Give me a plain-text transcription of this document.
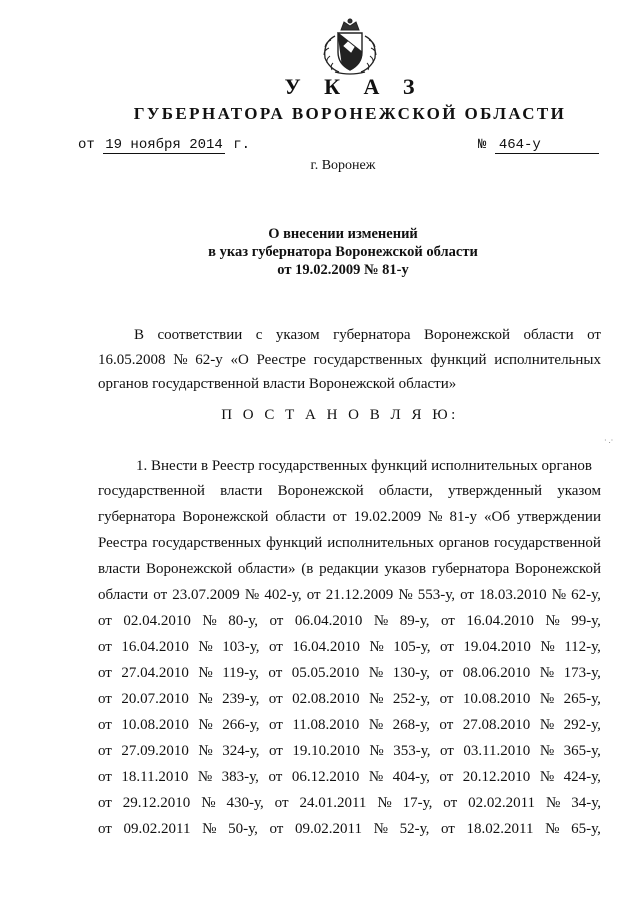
У К А З
ГУБЕРНАТОРА ВОРОНЕЖСКОЙ ОБЛАСТИ
от 19 ноября 2014 г.	№ 464-у
г. Воронеж
О внесении изменений
в указ губернатора Воронежской области
от 19.02.2009 № 81-у
В соответствии с указом губернатора Воронежской области от
16.05.2008 № 62-у «О Реестре государственных функций исполнительных
органов государственной власти Воронежской области»
П О С Т А Н О В Л Я Ю:
· .·
1. Внести в Реестр государственных функций исполнительных органов
государственной власти Воронежской области, утвержденный указом
губернатора Воронежской области от 19.02.2009 № 81-у «Об утверждении
Реестра государственных функций исполнительных органов государственной
власти Воронежской области» (в редакции указов губернатора Воронежской
области от 23.07.2009 № 402-у, от 21.12.2009 № 553-у, от 18.03.2010 № 62-у,
от 02.04.2010 № 80-у, от 06.04.2010 № 89-у, от 16.04.2010 № 99-у,
от 16.04.2010 № 103-у, от 16.04.2010 № 105-у, от 19.04.2010 № 112-у,
от 27.04.2010 № 119-у, от 05.05.2010 № 130-у, от 08.06.2010 № 173-у,
от 20.07.2010 № 239-у, от 02.08.2010 № 252-у, от 10.08.2010 № 265-у,
от 10.08.2010 № 266-у, от 11.08.2010 № 268-у, от 27.08.2010 № 292-у,
от 27.09.2010 № 324-у, от 19.10.2010 № 353-у, от 03.11.2010 № 365-у,
от 18.11.2010 № 383-у, от 06.12.2010 № 404-у, от 20.12.2010 № 424-у,
от 29.12.2010 № 430-у, от 24.01.2011 № 17-у, от 02.02.2011 № 34-у,
от 09.02.2011 № 50-у, от 09.02.2011 № 52-у, от 18.02.2011 № 65-у,
